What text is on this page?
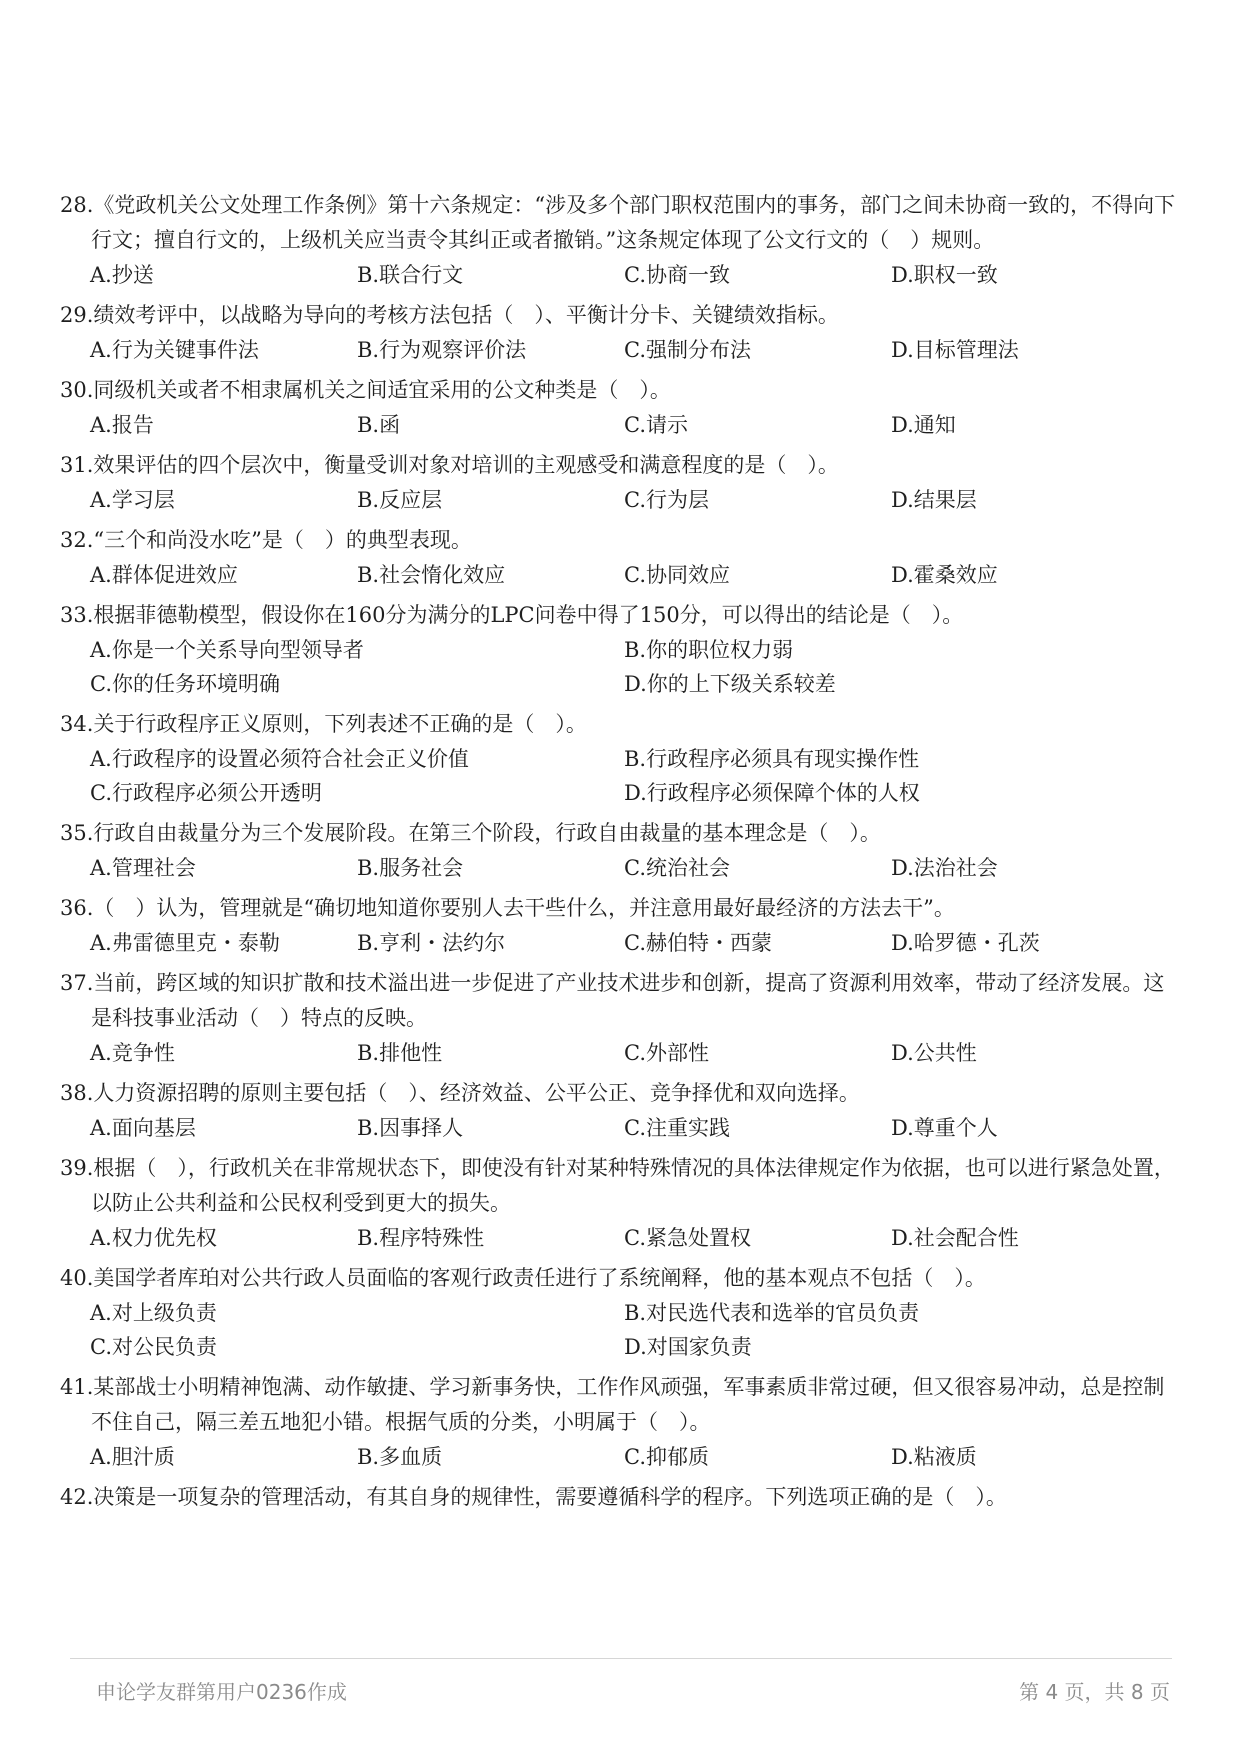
28.《党政机关公文处理工作条例》第十六条规定：“涉及多个部门职权范围内的事务，部门之间未协商一致的，不得向下行文；擅自行文的，上级机关应当责令其纠正或者撤销。”这条规定体现了公文行文的（　）规则。

A.抄送	B.联合行文	C.协商一致	D.职权一致

29.绩效考评中，以战略为导向的考核方法包括（　）、平衡计分卡、关键绩效指标。

A.行为关键事件法	B.行为观察评价法	C.强制分布法	D.目标管理法

30.同级机关或者不相隶属机关之间适宜采用的公文种类是（　）。

A.报告	B.函	C.请示	D.通知

31.效果评估的四个层次中，衡量受训对象对培训的主观感受和满意程度的是（　）。

A.学习层	B.反应层	C.行为层	D.结果层

32.“三个和尚没水吃”是（　）的典型表现。

A.群体促进效应	B.社会惰化效应	C.协同效应	D.霍桑效应

33.根据菲德勒模型，假设你在160分为满分的LPC问卷中得了150分，可以得出的结论是（　）。

A.你是一个关系导向型领导者	B.你的职位权力弱
C.你的任务环境明确	D.你的上下级关系较差

34.关于行政程序正义原则，下列表述不正确的是（　）。

A.行政程序的设置必须符合社会正义价值	B.行政程序必须具有现实操作性
C.行政程序必须公开透明	D.行政程序必须保障个体的人权

35.行政自由裁量分为三个发展阶段。在第三个阶段，行政自由裁量的基本理念是（　）。

A.管理社会	B.服务社会	C.统治社会	D.法治社会

36.（　）认为，管理就是“确切地知道你要别人去干些什么，并注意用最好最经济的方法去干”。

A.弗雷德里克・泰勒	B.亨利・法约尔	C.赫伯特・西蒙	D.哈罗德・孔茨

37.当前，跨区域的知识扩散和技术溢出进一步促进了产业技术进步和创新，提高了资源利用效率，带动了经济发展。这是科技事业活动（　）特点的反映。

A.竞争性	B.排他性	C.外部性	D.公共性

38.人力资源招聘的原则主要包括（　）、经济效益、公平公正、竞争择优和双向选择。

A.面向基层	B.因事择人	C.注重实践	D.尊重个人

39.根据（　），行政机关在非常规状态下，即使没有针对某种特殊情况的具体法律规定作为依据，也可以进行紧急处置，以防止公共利益和公民权利受到更大的损失。

A.权力优先权	B.程序特殊性	C.紧急处置权	D.社会配合性

40.美国学者库珀对公共行政人员面临的客观行政责任进行了系统阐释，他的基本观点不包括（　）。

A.对上级负责	B.对民选代表和选举的官员负责
C.对公民负责	D.对国家负责

41.某部战士小明精神饱满、动作敏捷、学习新事务快，工作作风顽强，军事素质非常过硬，但又很容易冲动，总是控制不住自己，隔三差五地犯小错。根据气质的分类，小明属于（　）。

A.胆汁质	B.多血质	C.抑郁质	D.粘液质

42.决策是一项复杂的管理活动，有其自身的规律性，需要遵循科学的程序。下列选项正确的是（　）。

申论学友群第用户0236作成	第 4 页，共 8 页
